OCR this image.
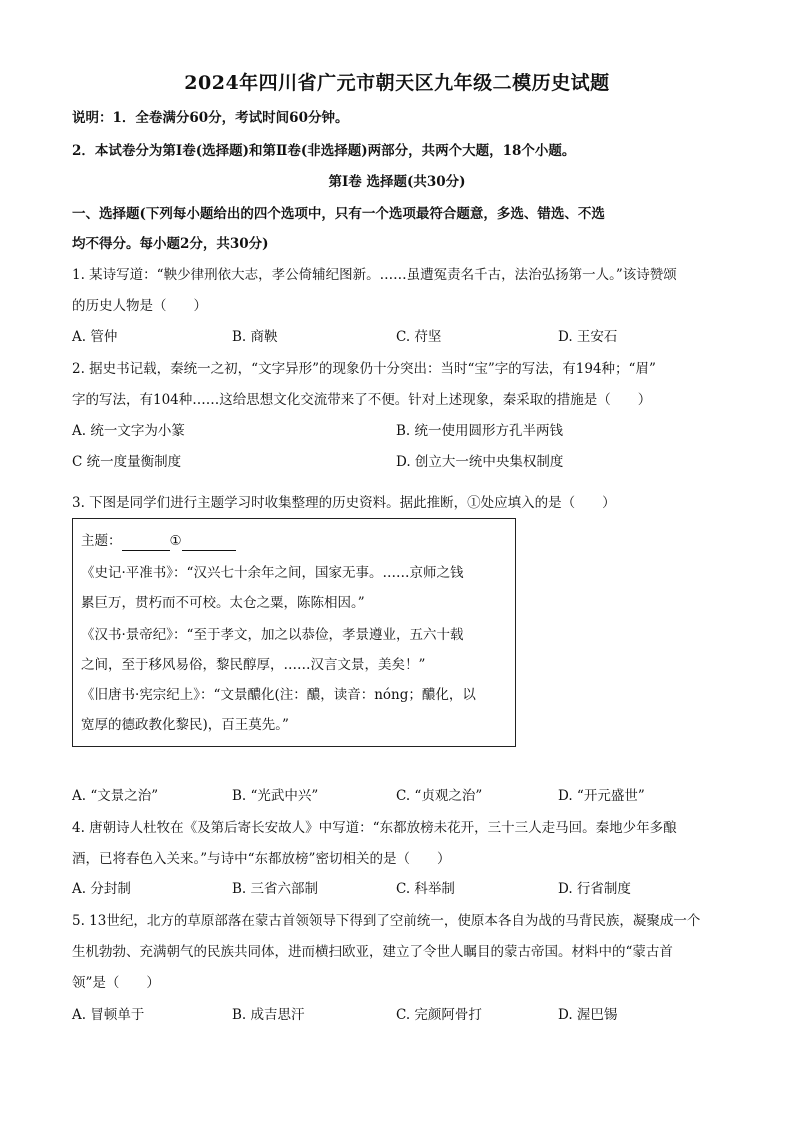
2024年四川省广元市朝天区九年级二模历史试题
说明：1．全卷满分60分，考试时间60分钟。
2．本试卷分为第Ⅰ卷(选择题)和第Ⅱ卷(非选择题)两部分，共两个大题，18个小题。
第Ⅰ卷 选择题(共30分)
一、选择题(下列每小题给出的四个选项中，只有一个选项最符合题意，多选、错选、不选
均不得分。每小题2分，共30分)
1. 某诗写道：“鞅少律刑依大志，孝公倚辅纪图新。……虽遭冤责名千古，法治弘扬第一人。”该诗赞颂
的历史人物是（　　）
A. 管仲	B. 商鞅	C. 苻坚	D. 王安石
2. 据史书记载，秦统一之初，“文字异形”的现象仍十分突出：当时“宝”字的写法，有194种；“眉”
字的写法，有104种……这给思想文化交流带来了不便。针对上述现象，秦采取的措施是（　　）
A. 统一文字为小篆	B. 统一使用圆形方孔半两钱
C 统一度量衡制度	D. 创立大一统中央集权制度
3. 下图是同学们进行主题学习时收集整理的历史资料。据此推断，①处应填入的是（　　）
主题：	①
《史记·平准书》：“汉兴七十余年之间，国家无事。……京师之钱
累巨万，贯朽而不可校。太仓之粟，陈陈相因。”
《汉书·景帝纪》：“至于孝文，加之以恭俭，孝景遵业，五六十载
之间，至于移风易俗，黎民醇厚，……汉言文景，美矣！”
《旧唐书·宪宗纪上》：“文景醲化(注：醲，读音：nóng；醲化，以
宽厚的德政教化黎民)，百王莫先。”
A. “文景之治”	B. “光武中兴”	C. “贞观之治”	D. “开元盛世”
4. 唐朝诗人杜牧在《及第后寄长安故人》中写道：“东都放榜未花开，三十三人走马回。秦地少年多酿
酒，已将春色入关来。”与诗中“东都放榜”密切相关的是（　　）
A. 分封制	B. 三省六部制	C. 科举制	D. 行省制度
5. 13世纪，北方的草原部落在蒙古首领领导下得到了空前统一，使原本各自为战的马背民族，凝聚成一个
生机勃勃、充满朝气的民族共同体，进而横扫欧亚，建立了令世人瞩目的蒙古帝国。材料中的“蒙古首
领”是（　　）
A. 冒顿单于	B. 成吉思汗	C. 完颜阿骨打	D. 渥巴锡
